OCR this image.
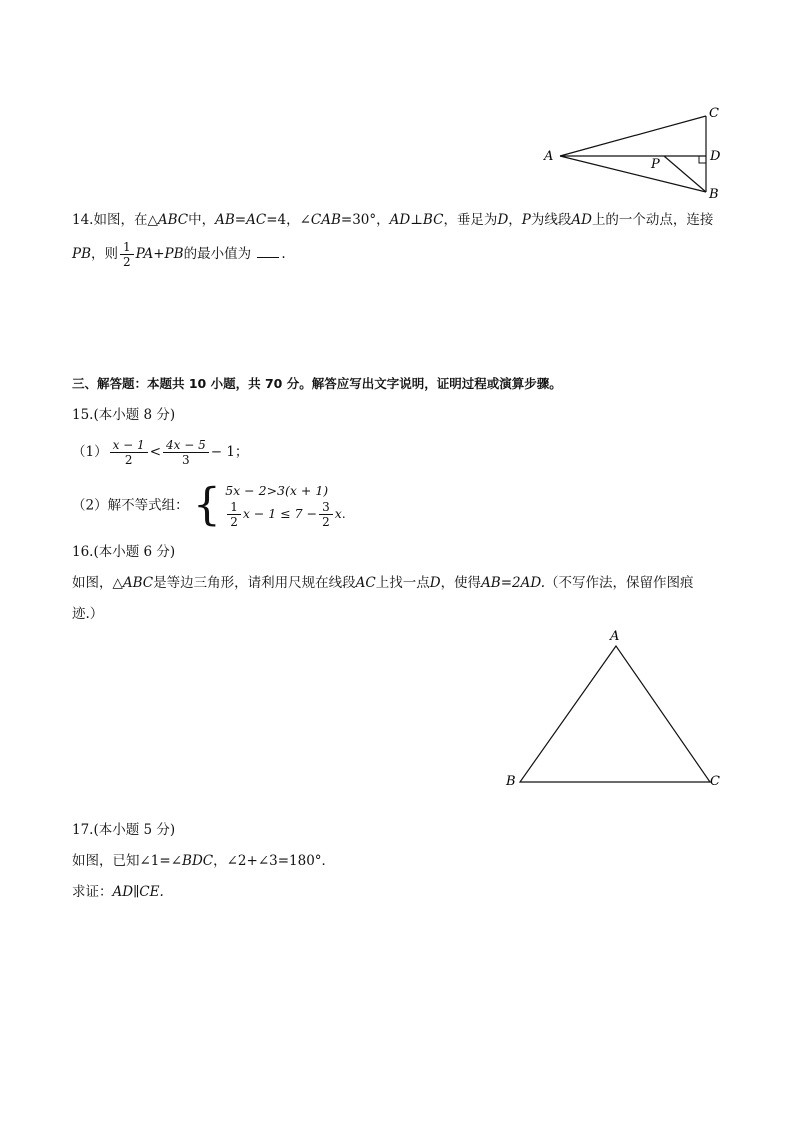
A
C
D
B
P
14.如图，在△ABC中，AB=AC=4，∠CAB=30°，AD⊥BC，垂足为D，P为线段AD上的一个动点，连接
PB，则 $\frac{1}{2} PA+PB$的最小值为 .
三、解答题：本题共 10 小题，共 70 分。解答应写出文字说明，证明过程或演算步骤。
15.(本小题 8 分)
$(1) \frac{x - 1}{2} < \frac{4x - 5}{3} - 1$；
（2）解不等式组： { 5x − 2>3(x + 1)
$\frac{1}{2}$ $x - 1 \le 7 - \frac{3}{2} x$.
16.(本小题 6 分)
如图，△ABC是等边三角形，请利用尺规在线段AC上找一点D，使得AB=2AD.（不写作法，保留作图痕
迹.）
A
B	C
17.(本小题 5 分)
如图，已知∠1=∠BDC，∠2+∠3=180°．
求证：AD∥CE.
